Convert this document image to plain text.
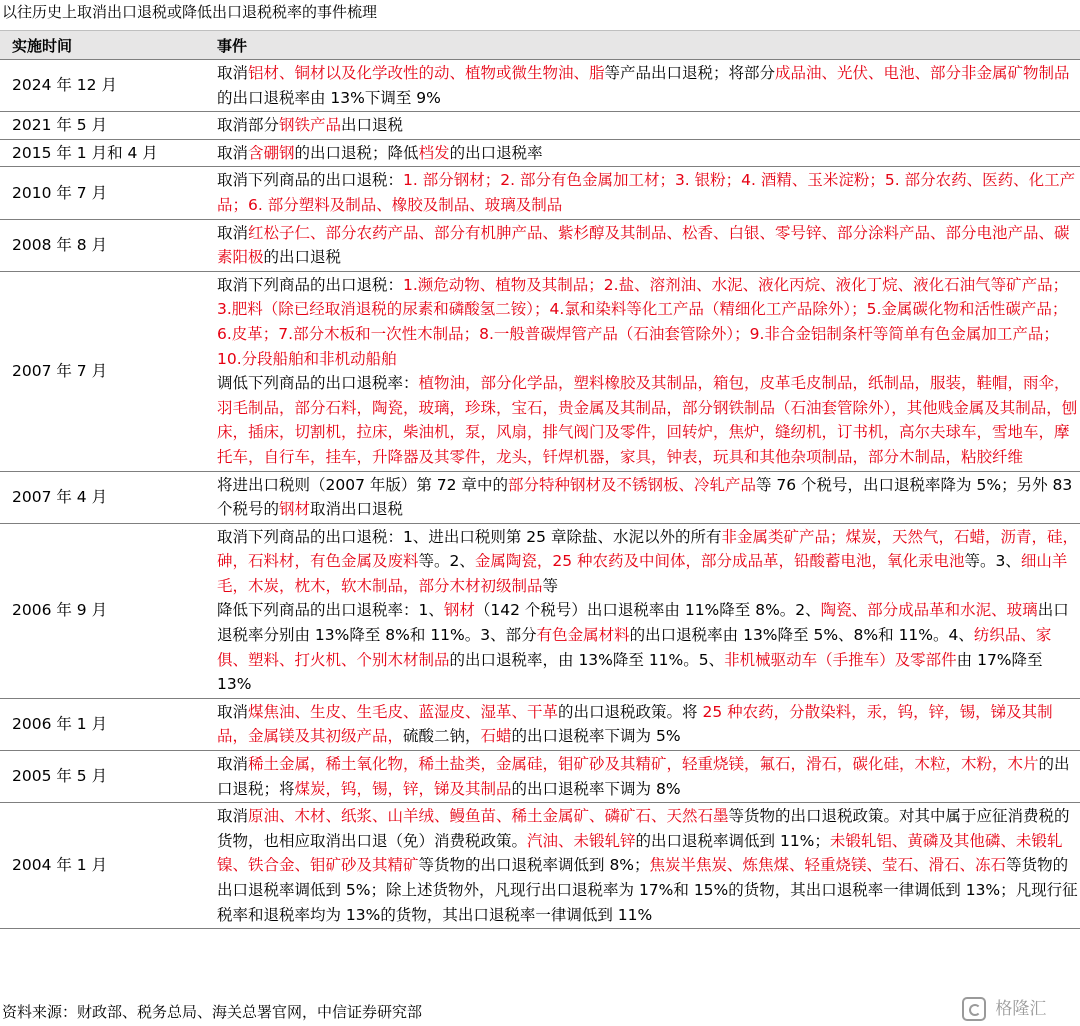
以往历史上取消出口退税或降低出口退税税率的事件梳理
实施时间	事件
2024 年 12 月	取消铝材、铜材以及化学改性的动、植物或微生物油、脂等产品出口退税；将部分成品油、光伏、电池、部分非金属矿物制品的出口退税率由 13%下调至 9%
2021 年 5 月	取消部分钢铁产品出口退税
2015 年 1 月和 4 月	取消含硼钢的出口退税；降低档发的出口退税率
2010 年 7 月	取消下列商品的出口退税：1. 部分钢材；2. 部分有色金属加工材；3. 银粉；4. 酒精、玉米淀粉；5. 部分农药、医药、化工产品；6. 部分塑料及制品、橡胶及制品、玻璃及制品
2008 年 8 月	取消红松子仁、部分农药产品、部分有机胂产品、紫杉醇及其制品、松香、白银、零号锌、部分涂料产品、部分电池产品、碳素阳极的出口退税
2007 年 7 月	取消下列商品的出口退税：1.濒危动物、植物及其制品；2.盐、溶剂油、水泥、液化丙烷、液化丁烷、液化石油气等矿产品；3.肥料（除已经取消退税的尿素和磷酸氢二铵）；4.氯和染料等化工产品（精细化工产品除外）；5.金属碳化物和活性碳产品；6.皮革；7.部分木板和一次性木制品；8.一般普碳焊管产品（石油套管除外）；9.非合金铝制条杆等简单有色金属加工产品；10.分段船舶和非机动船舶
调低下列商品的出口退税率：植物油，部分化学品，塑料橡胶及其制品，箱包，皮革毛皮制品，纸制品，服装，鞋帽，雨伞，羽毛制品，部分石料，陶瓷，玻璃，珍珠，宝石，贵金属及其制品，部分钢铁制品（石油套管除外），其他贱金属及其制品，刨床，插床，切割机，拉床，柴油机，泵，风扇，排气阀门及零件，回转炉，焦炉，缝纫机，订书机，高尔夫球车，雪地车，摩托车，自行车，挂车，升降器及其零件，龙头，钎焊机器，家具，钟表，玩具和其他杂项制品，部分木制品，粘胶纤维
2007 年 4 月	将进出口税则（2007 年版）第 72 章中的部分特种钢材及不锈钢板、冷轧产品等 76 个税号，出口退税率降为 5%；另外 83 个税号的钢材取消出口退税
2006 年 9 月	取消下列商品的出口退税：1、进出口税则第 25 章除盐、水泥以外的所有非金属类矿产品；煤炭，天然气，石蜡，沥青，硅，砷，石料材，有色金属及废料等。2、金属陶瓷，25 种农药及中间体，部分成品革，铅酸蓄电池，氧化汞电池等。3、细山羊毛，木炭，枕木，软木制品，部分木材初级制品等
降低下列商品的出口退税率：1、钢材（142 个税号）出口退税率由 11%降至 8%。2、陶瓷、部分成品革和水泥、玻璃出口退税率分别由 13%降至 8%和 11%。3、部分有色金属材料的出口退税率由 13%降至 5%、8%和 11%。4、纺织品、家俱、塑料、打火机、个别木材制品的出口退税率，由 13%降至 11%。5、非机械驱动车（手推车）及零部件由 17%降至 13%
2006 年 1 月	取消煤焦油、生皮、生毛皮、蓝湿皮、湿革、干革的出口退税政策。将 25 种农药，分散染料，汞，钨，锌，锡，锑及其制品，金属镁及其初级产品，硫酸二钠，石蜡的出口退税率下调为 5%
2005 年 5 月	取消稀土金属，稀土氧化物，稀土盐类，金属硅，钼矿砂及其精矿，轻重烧镁，氟石，滑石，碳化硅，木粒，木粉，木片的出口退税；将煤炭，钨，锡，锌，锑及其制品的出口退税率下调为 8%
2004 年 1 月	取消原油、木材、纸浆、山羊绒、鳗鱼苗、稀土金属矿、磷矿石、天然石墨等货物的出口退税政策。对其中属于应征消费税的货物，也相应取消出口退（免）消费税政策。汽油、未锻轧锌的出口退税率调低到 11%；未锻轧铝、黄磷及其他磷、未锻轧镍、铁合金、钼矿砂及其精矿等货物的出口退税率调低到 8%；焦炭半焦炭、炼焦煤、轻重烧镁、莹石、滑石、冻石等货物的出口退税率调低到 5%；除上述货物外，凡现行出口退税率为 17%和 15%的货物，其出口退税率一律调低到 13%；凡现行征税率和退税率均为 13%的货物，其出口退税率一律调低到 11%
资料来源：财政部、税务总局、海关总署官网，中信证券研究部	格隆汇
